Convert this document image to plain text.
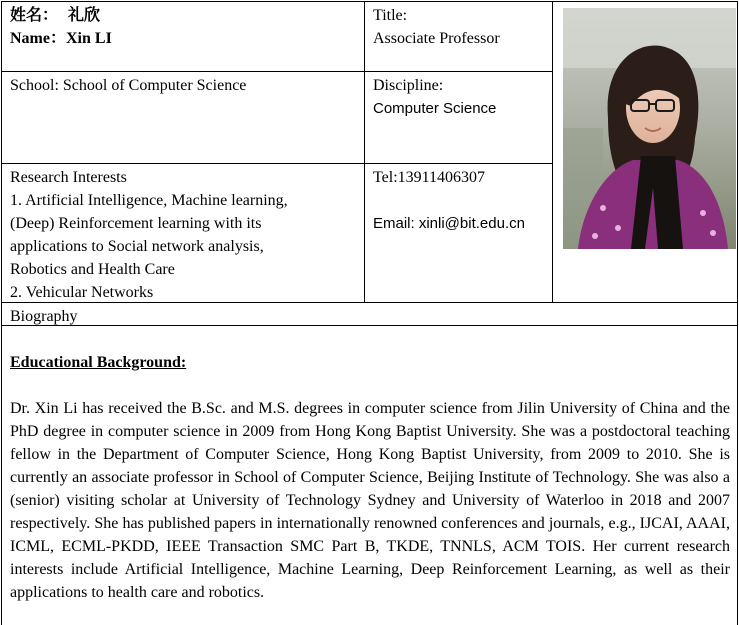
姓名： 礼欣
Name：Xin LI
Title:
Associate Professor
School: School of Computer Science	Discipline:
Computer Science
Research Interests
1. Artificial Intelligence, Machine learning,
(Deep) Reinforcement learning with its
applications to Social network analysis,
Robotics and Health Care
2. Vehicular Networks
Tel:13911406307
Email: xinli@bit.edu.cn
Biography
Educational Background:
Dr. Xin Li has received the B.Sc. and M.S. degrees in computer science from Jilin University of China and the PhD degree in computer science in 2009 from Hong Kong Baptist University. She was a postdoctoral teaching fellow in the Department of Computer Science, Hong Kong Baptist University, from 2009 to 2010. She is currently an associate professor in School of Computer Science, Beijing Institute of Technology. She was also a (senior) visiting scholar at University of Technology Sydney and University of Waterloo in 2018 and 2007 respectively. She has published papers in internationally renowned conferences and journals, e.g., IJCAI, AAAI, ICML, ECML-PKDD, IEEE Transaction SMC Part B, TKDE, TNNLS, ACM TOIS. Her current research interests include Artificial Intelligence, Machine Learning, Deep Reinforcement Learning, as well as their applications to health care and robotics.
